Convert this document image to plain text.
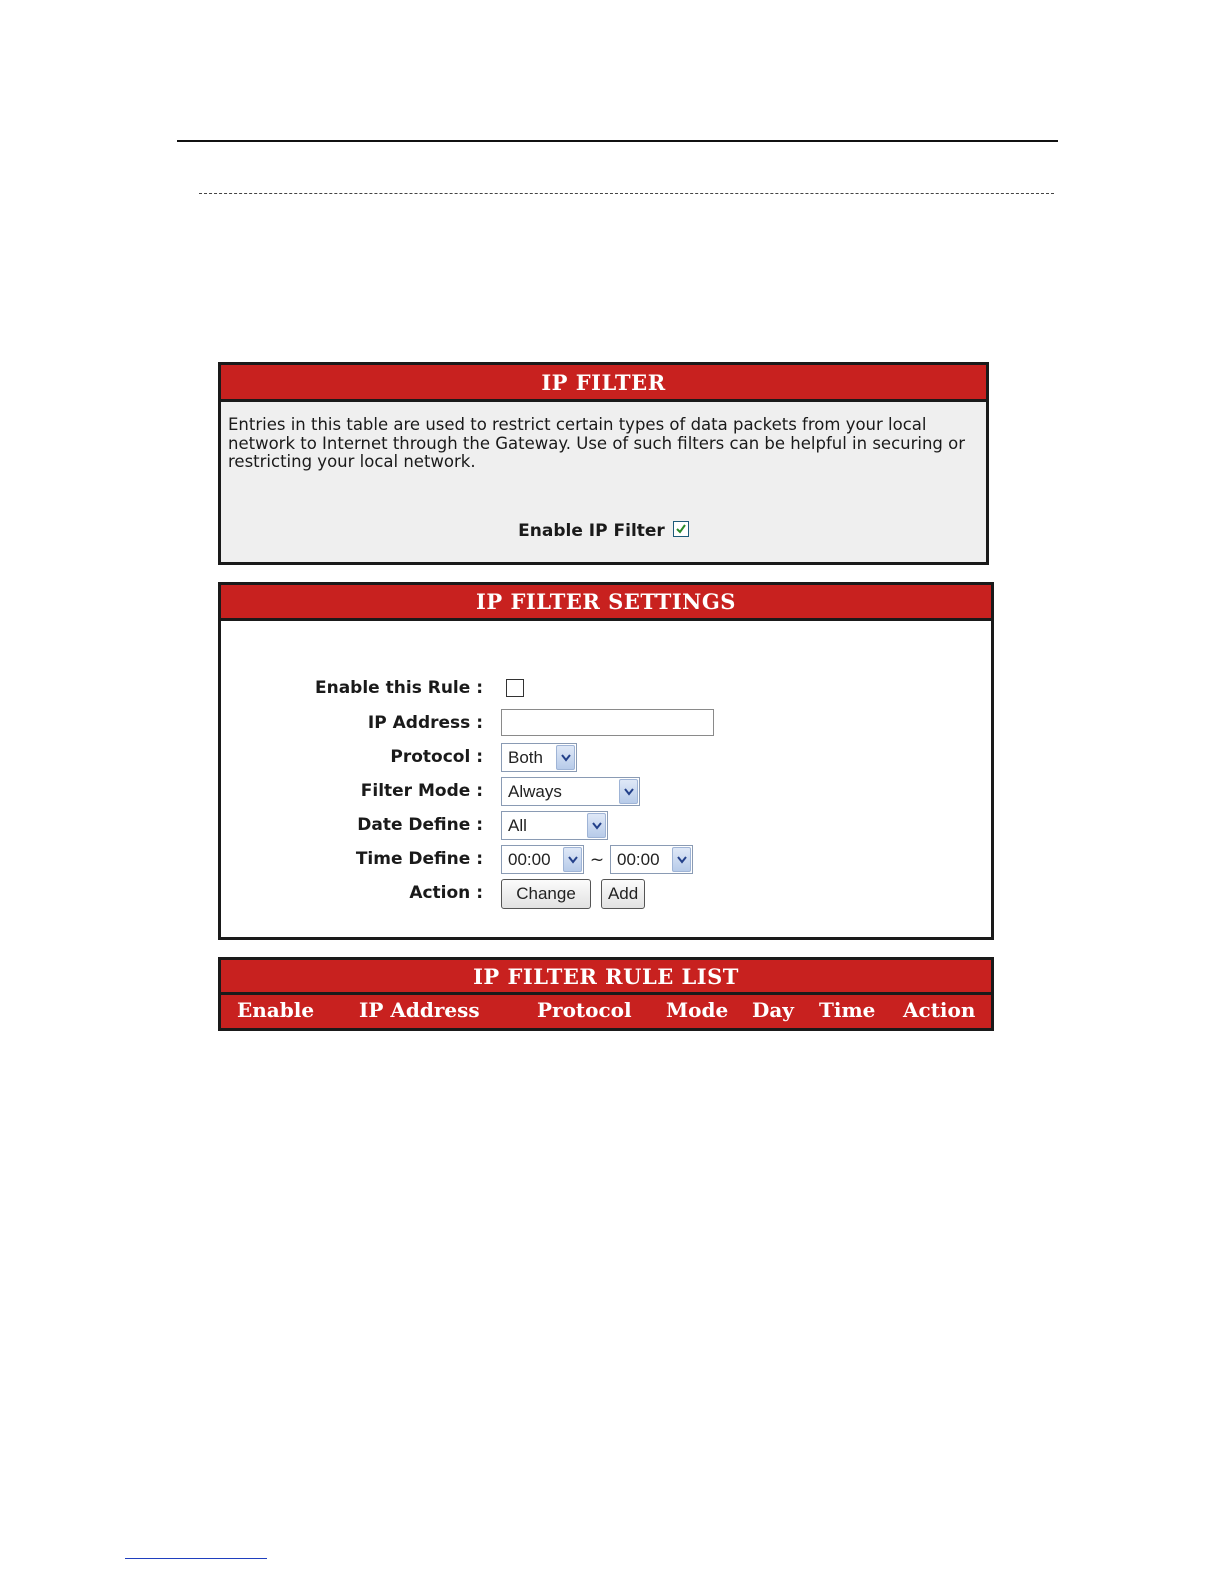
IP FILTER
Entries in this table are used to restrict certain types of data packets from your local network to Internet through the Gateway. Use of such filters can be helpful in securing or restricting your local network.
Enable IP Filter
IP FILTER SETTINGS
Enable this Rule :
IP Address :
Protocol : Both
Filter Mode : Always
Date Define : All
Time Define : 00:00 ~ 00:00
Action :	Change Add
IP FILTER RULE LIST
Enable IP Address	Protocol Mode Day Time Action
